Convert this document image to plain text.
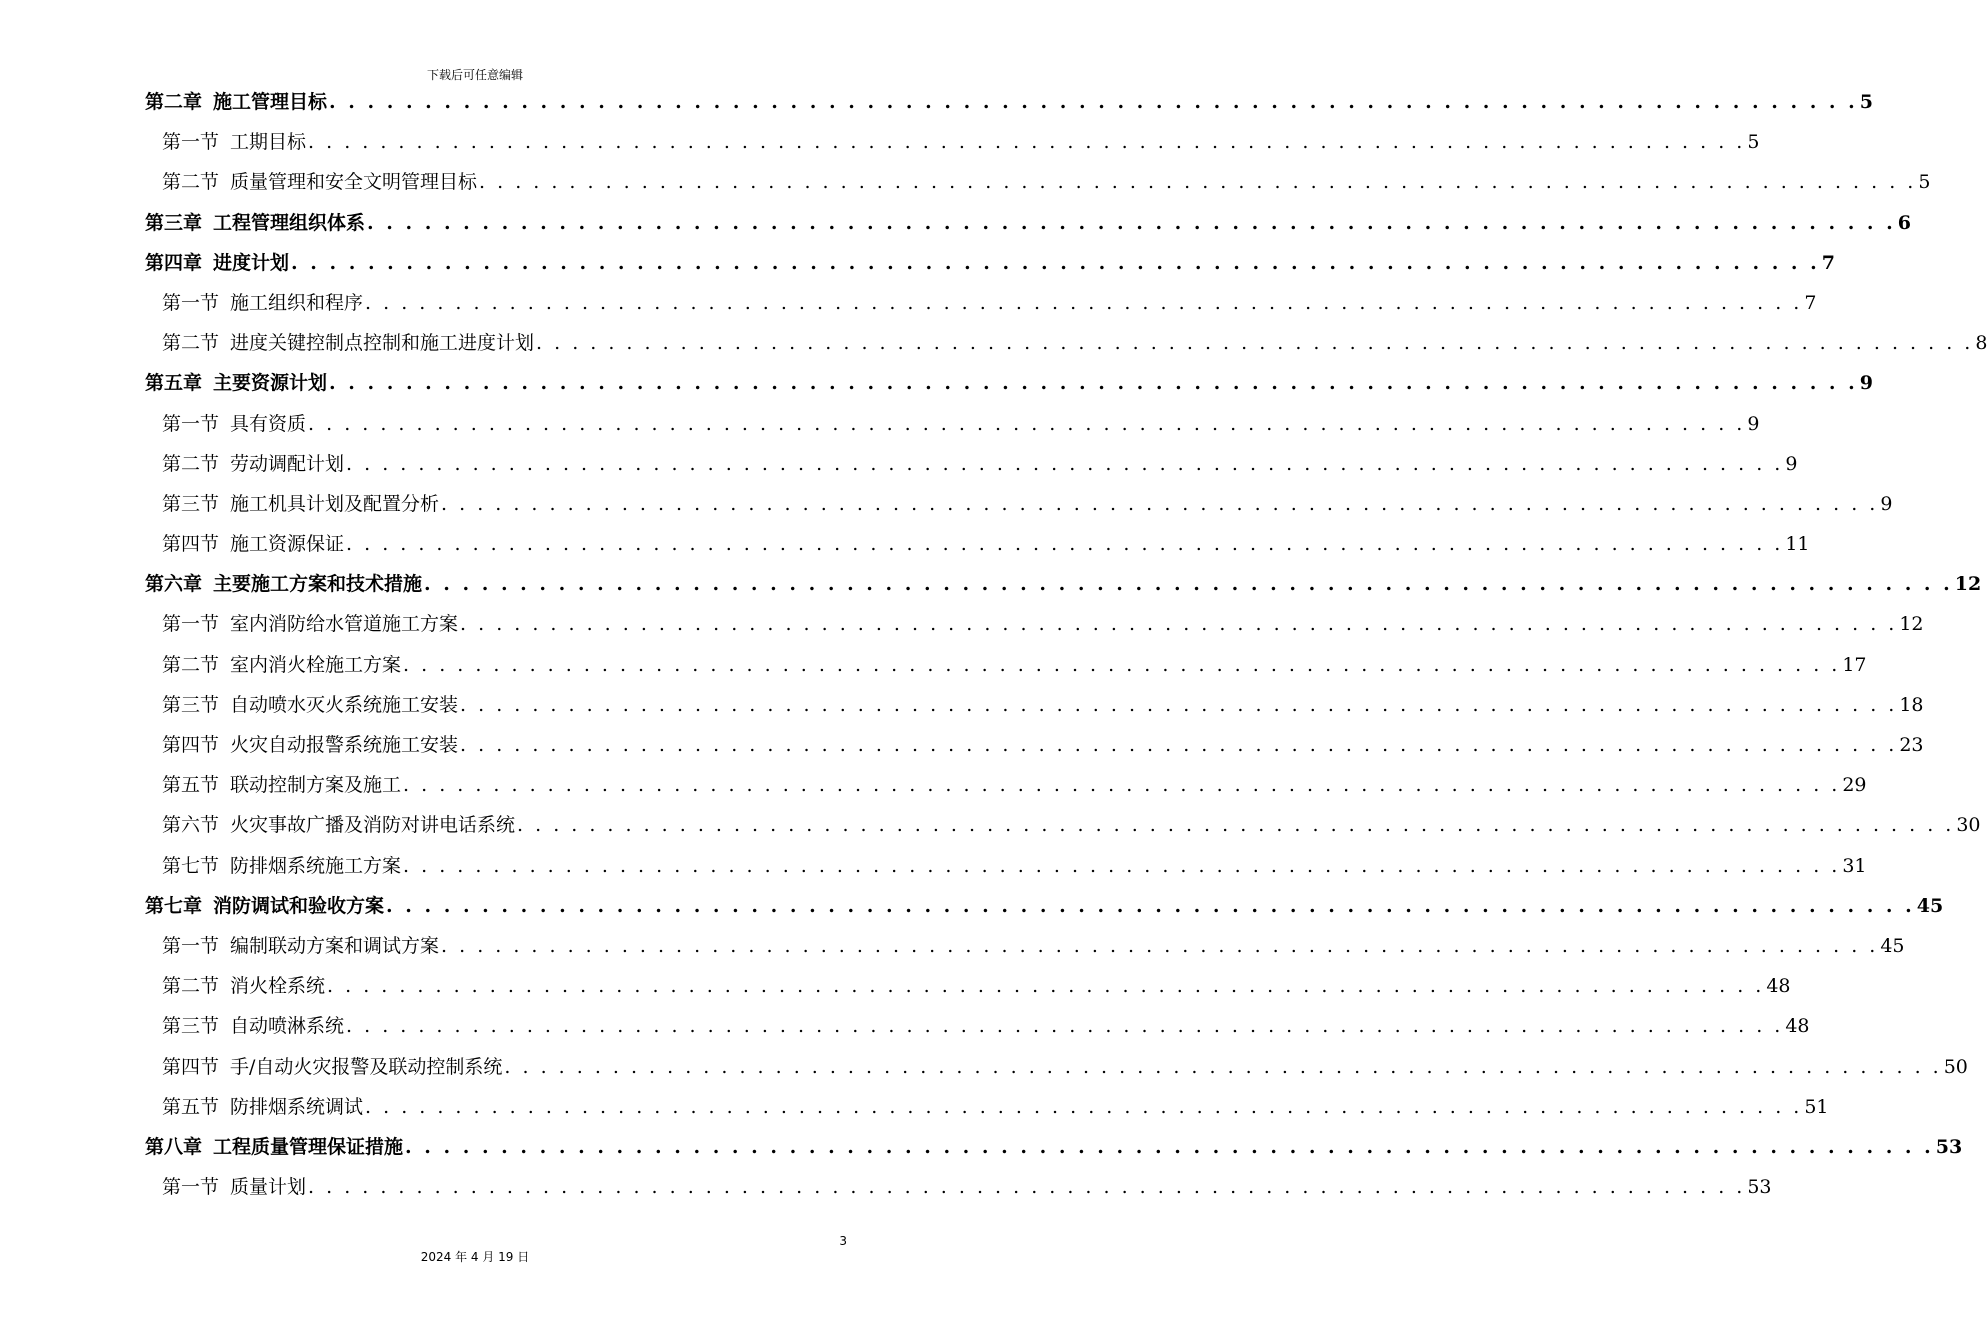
下载后可任意编辑
第二章 施工管理目标 . . . . . . . . . . . . . . . . . . . . . . . . . . . . . . . . . . . . . . . . . . . . . . . . . . . . . . . . . . . . . . . . . . . . . . . . . . . . . . . . 5
第一节 工期目标 . . . . . . . . . . . . . . . . . . . . . . . . . . . . . . . . . . . . . . . . . . . . . . . . . . . . . . . . . . . . . . . . . . . . . . . . . . . . . . . . 5
第二节 质量管理和安全文明管理目标 . . . . . . . . . . . . . . . . . . . . . . . . . . . . . . . . . . . . . . . . . . . . . . . . . . . . . . . . . . . . . . . . . . . . . . . . . . . . . . . . 5
第三章 工程管理组织体系 . . . . . . . . . . . . . . . . . . . . . . . . . . . . . . . . . . . . . . . . . . . . . . . . . . . . . . . . . . . . . . . . . . . . . . . . . . . . . . . . 6
第四章 进度计划 . . . . . . . . . . . . . . . . . . . . . . . . . . . . . . . . . . . . . . . . . . . . . . . . . . . . . . . . . . . . . . . . . . . . . . . . . . . . . . . . 7
第一节 施工组织和程序 . . . . . . . . . . . . . . . . . . . . . . . . . . . . . . . . . . . . . . . . . . . . . . . . . . . . . . . . . . . . . . . . . . . . . . . . . . . . . . . . 7
第二节 进度关键控制点控制和施工进度计划 . . . . . . . . . . . . . . . . . . . . . . . . . . . . . . . . . . . . . . . . . . . . . . . . . . . . . . . . . . . . . . . . . . . . . . . . . . . . . . . . 8
第五章 主要资源计划 . . . . . . . . . . . . . . . . . . . . . . . . . . . . . . . . . . . . . . . . . . . . . . . . . . . . . . . . . . . . . . . . . . . . . . . . . . . . . . . . 9
第一节 具有资质 . . . . . . . . . . . . . . . . . . . . . . . . . . . . . . . . . . . . . . . . . . . . . . . . . . . . . . . . . . . . . . . . . . . . . . . . . . . . . . . . 9
第二节 劳动调配计划 . . . . . . . . . . . . . . . . . . . . . . . . . . . . . . . . . . . . . . . . . . . . . . . . . . . . . . . . . . . . . . . . . . . . . . . . . . . . . . . . 9
第三节 施工机具计划及配置分析 . . . . . . . . . . . . . . . . . . . . . . . . . . . . . . . . . . . . . . . . . . . . . . . . . . . . . . . . . . . . . . . . . . . . . . . . . . . . . . . . 9
第四节 施工资源保证 . . . . . . . . . . . . . . . . . . . . . . . . . . . . . . . . . . . . . . . . . . . . . . . . . . . . . . . . . . . . . . . . . . . . . . . . . . . . . . . . 11
第六章 主要施工方案和技术措施 . . . . . . . . . . . . . . . . . . . . . . . . . . . . . . . . . . . . . . . . . . . . . . . . . . . . . . . . . . . . . . . . . . . . . . . . . . . . . . . . 12
第一节 室内消防给水管道施工方案 . . . . . . . . . . . . . . . . . . . . . . . . . . . . . . . . . . . . . . . . . . . . . . . . . . . . . . . . . . . . . . . . . . . . . . . . . . . . . . . . 12
第二节 室内消火栓施工方案 . . . . . . . . . . . . . . . . . . . . . . . . . . . . . . . . . . . . . . . . . . . . . . . . . . . . . . . . . . . . . . . . . . . . . . . . . . . . . . . . 17
第三节 自动喷水灭火系统施工安装 . . . . . . . . . . . . . . . . . . . . . . . . . . . . . . . . . . . . . . . . . . . . . . . . . . . . . . . . . . . . . . . . . . . . . . . . . . . . . . . . 18
第四节 火灾自动报警系统施工安装 . . . . . . . . . . . . . . . . . . . . . . . . . . . . . . . . . . . . . . . . . . . . . . . . . . . . . . . . . . . . . . . . . . . . . . . . . . . . . . . . 23
第五节 联动控制方案及施工 . . . . . . . . . . . . . . . . . . . . . . . . . . . . . . . . . . . . . . . . . . . . . . . . . . . . . . . . . . . . . . . . . . . . . . . . . . . . . . . . 29
第六节 火灾事故广播及消防对讲电话系统 . . . . . . . . . . . . . . . . . . . . . . . . . . . . . . . . . . . . . . . . . . . . . . . . . . . . . . . . . . . . . . . . . . . . . . . . . . . . . . . . 30
第七节 防排烟系统施工方案 . . . . . . . . . . . . . . . . . . . . . . . . . . . . . . . . . . . . . . . . . . . . . . . . . . . . . . . . . . . . . . . . . . . . . . . . . . . . . . . . 31
第七章 消防调试和验收方案 . . . . . . . . . . . . . . . . . . . . . . . . . . . . . . . . . . . . . . . . . . . . . . . . . . . . . . . . . . . . . . . . . . . . . . . . . . . . . . . . 45
第一节 编制联动方案和调试方案 . . . . . . . . . . . . . . . . . . . . . . . . . . . . . . . . . . . . . . . . . . . . . . . . . . . . . . . . . . . . . . . . . . . . . . . . . . . . . . . . 45
第二节 消火栓系统 . . . . . . . . . . . . . . . . . . . . . . . . . . . . . . . . . . . . . . . . . . . . . . . . . . . . . . . . . . . . . . . . . . . . . . . . . . . . . . . . 48
第三节 自动喷淋系统 . . . . . . . . . . . . . . . . . . . . . . . . . . . . . . . . . . . . . . . . . . . . . . . . . . . . . . . . . . . . . . . . . . . . . . . . . . . . . . . . 48
第四节 手/自动火灾报警及联动控制系统 . . . . . . . . . . . . . . . . . . . . . . . . . . . . . . . . . . . . . . . . . . . . . . . . . . . . . . . . . . . . . . . . . . . . . . . . . . . . . . . . 50
第五节 防排烟系统调试 . . . . . . . . . . . . . . . . . . . . . . . . . . . . . . . . . . . . . . . . . . . . . . . . . . . . . . . . . . . . . . . . . . . . . . . . . . . . . . . . 51
第八章 工程质量管理保证措施 . . . . . . . . . . . . . . . . . . . . . . . . . . . . . . . . . . . . . . . . . . . . . . . . . . . . . . . . . . . . . . . . . . . . . . . . . . . . . . . . 53
第一节 质量计划 . . . . . . . . . . . . . . . . . . . . . . . . . . . . . . . . . . . . . . . . . . . . . . . . . . . . . . . . . . . . . . . . . . . . . . . . . . . . . . . . 53
3
2024 年 4 月 19 日
